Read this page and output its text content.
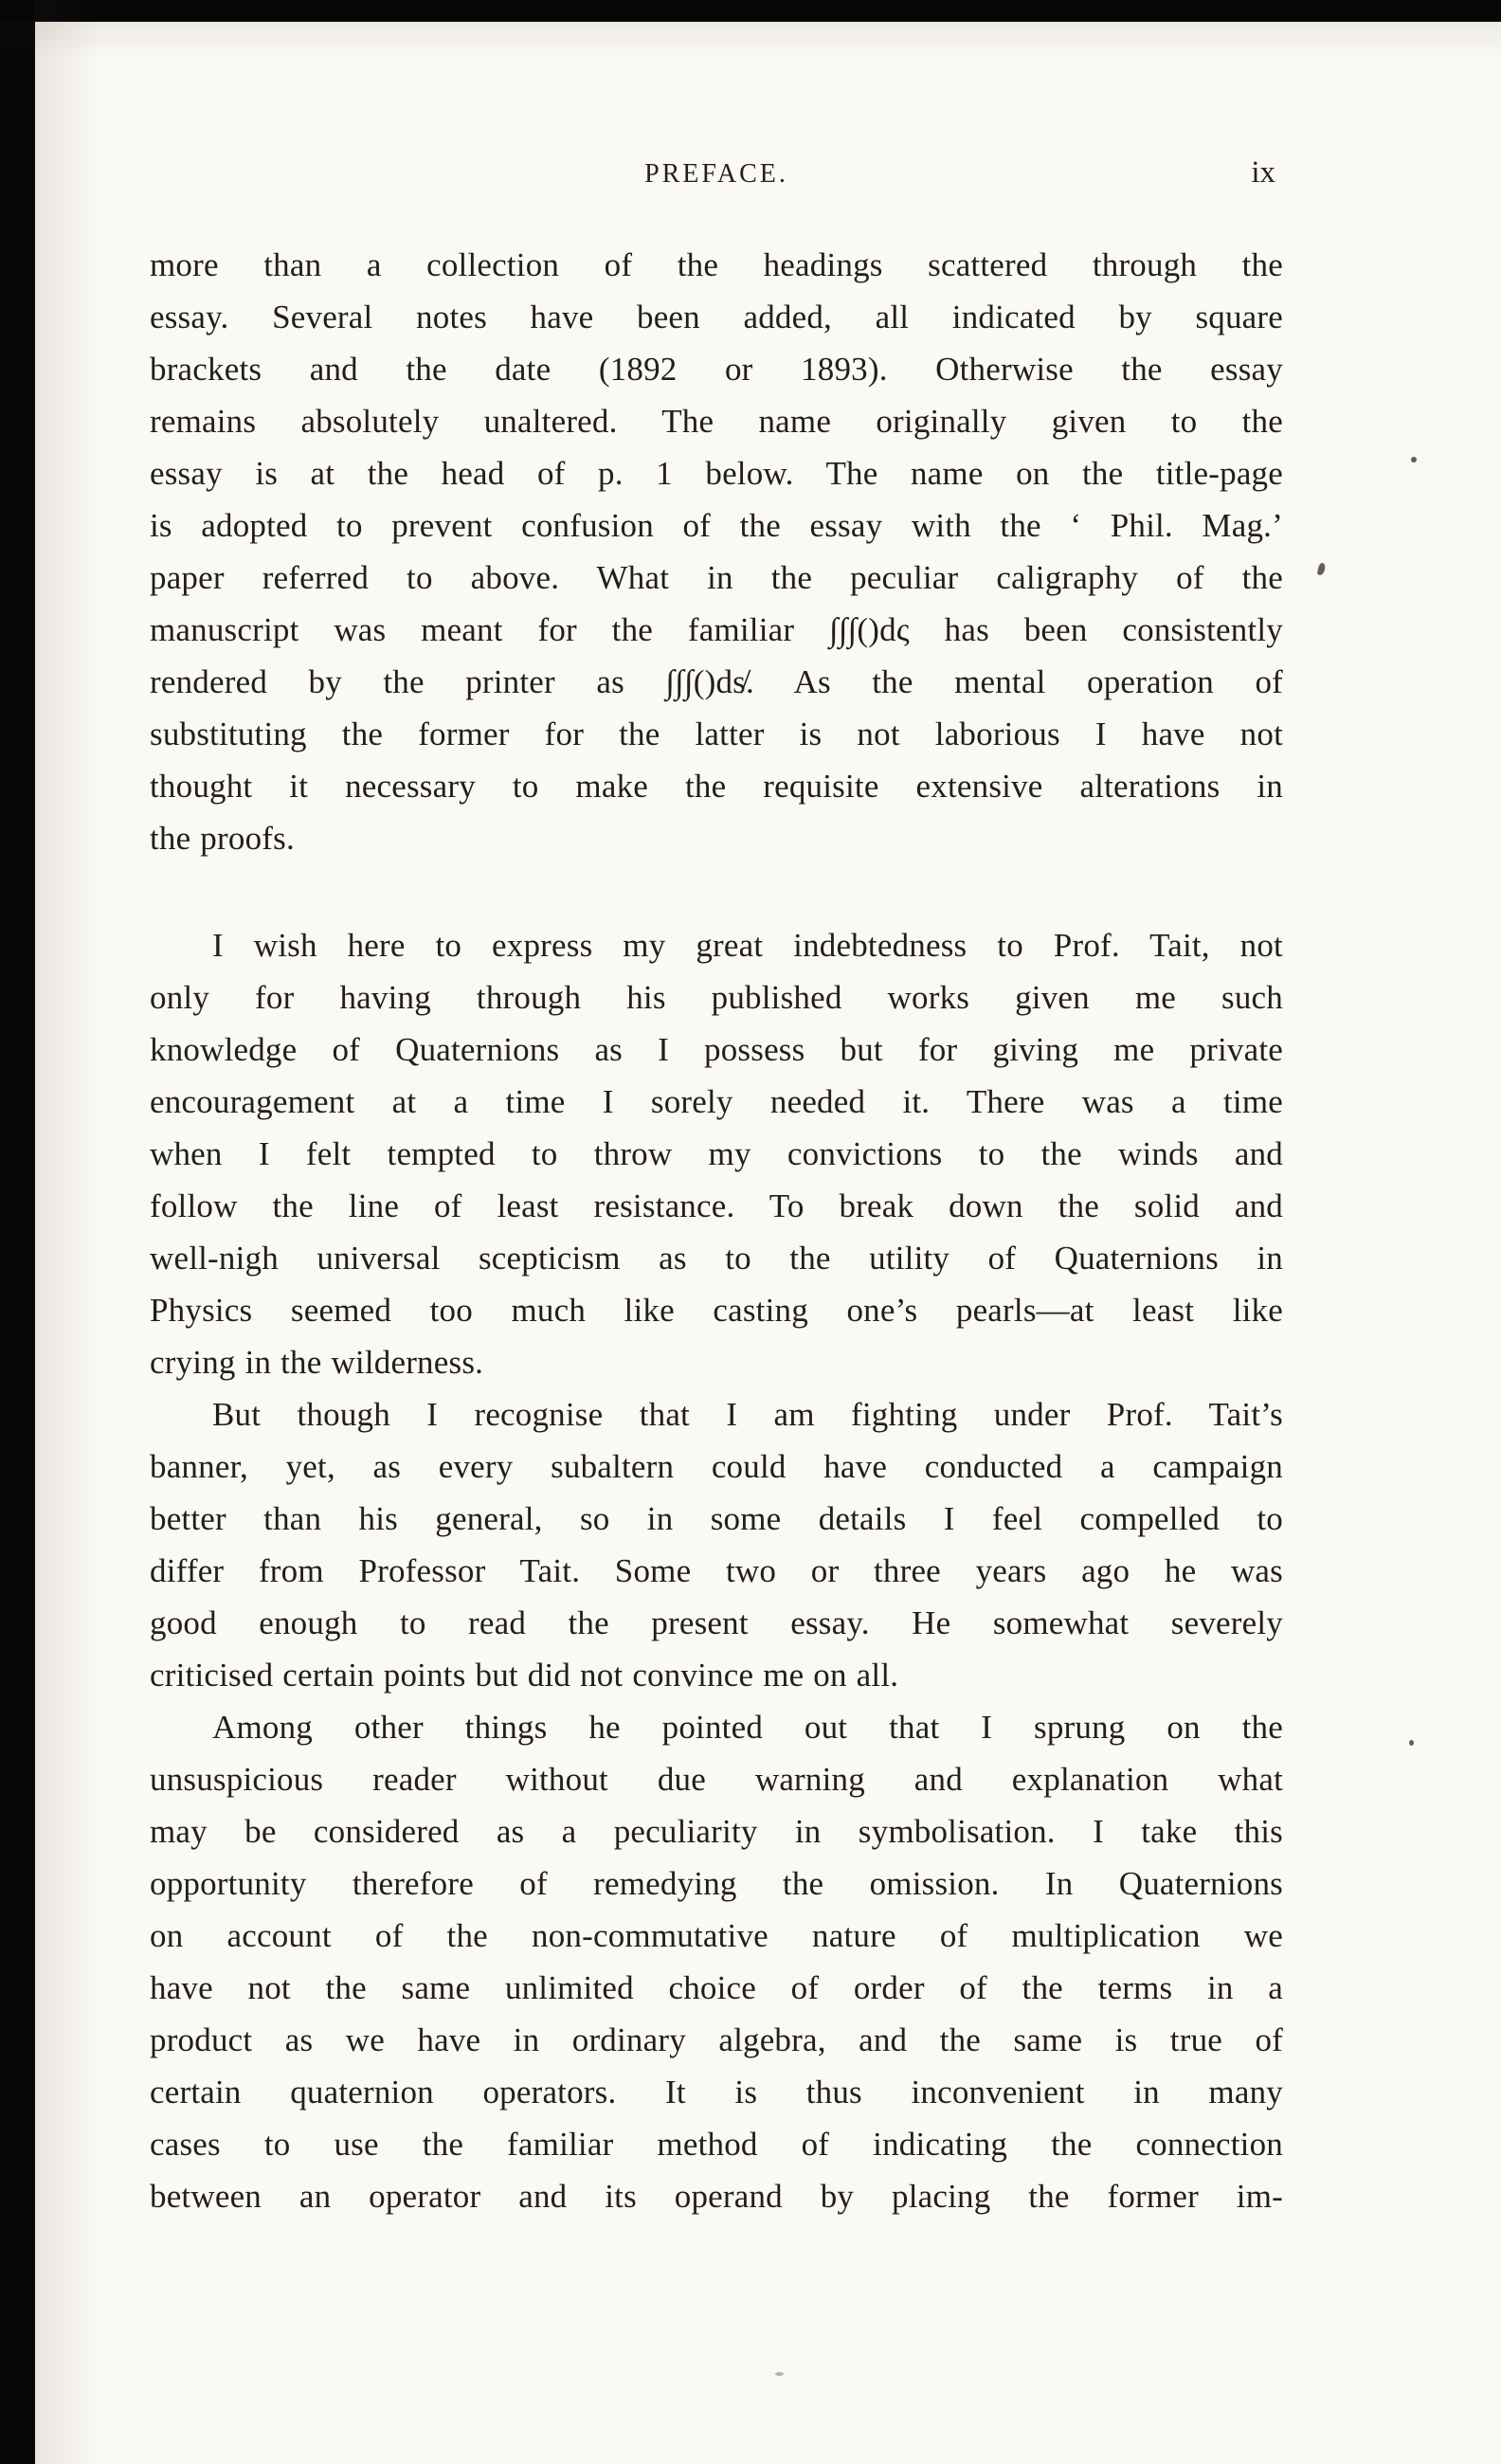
PREFACE.	ix
more than a collection of the headings scattered through the
essay. Several notes have been added, all indicated by square
brackets and the date (1892 or 1893). Otherwise the essay
remains absolutely unaltered. The name originally given to the
essay is at the head of p. 1 below. The name on the title-page
is adopted to prevent confusion of the essay with the ‘ Phil. Mag.’
paper referred to above. What in the peculiar caligraphy of the
manuscript was meant for the familiar ∫∫∫()dς has been consistently
rendered by the printer as ∫∫∫()ds̸. As the mental operation of
substituting the former for the latter is not laborious I have not
thought it necessary to make the requisite extensive alterations in
the proofs.
I wish here to express my great indebtedness to Prof. Tait, not
only for having through his published works given me such
knowledge of Quaternions as I possess but for giving me private
encouragement at a time I sorely needed it. There was a time
when I felt tempted to throw my convictions to the winds and
follow the line of least resistance. To break down the solid and
well-nigh universal scepticism as to the utility of Quaternions in
Physics seemed too much like casting one’s pearls—at least like
crying in the wilderness.
But though I recognise that I am fighting under Prof. Tait’s
banner, yet, as every subaltern could have conducted a campaign
better than his general, so in some details I feel compelled to
differ from Professor Tait. Some two or three years ago he was
good enough to read the present essay. He somewhat severely
criticised certain points but did not convince me on all.
Among other things he pointed out that I sprung on the
unsuspicious reader without due warning and explanation what
may be considered as a peculiarity in symbolisation. I take this
opportunity therefore of remedying the omission. In Quaternions
on account of the non-commutative nature of multiplication we
have not the same unlimited choice of order of the terms in a
product as we have in ordinary algebra, and the same is true of
certain quaternion operators. It is thus inconvenient in many
cases to use the familiar method of indicating the connection
between an operator and its operand by placing the former im-
